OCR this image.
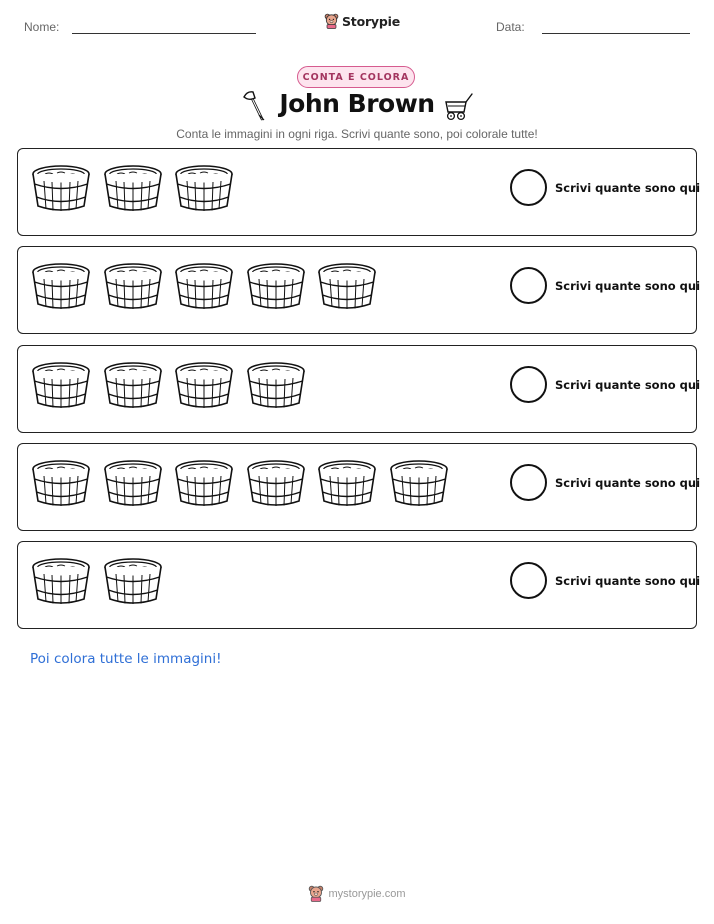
Nome:	Storypie	Data:
CONTA E COLORA
John Brown
Conta le immagini in ogni riga. Scrivi quante sono, poi colorale tutte!
Scrivi quante sono qui
Scrivi quante sono qui
Scrivi quante sono qui
Scrivi quante sono qui
Scrivi quante sono qui
Poi colora tutte le immagini!
mystorypie.com
